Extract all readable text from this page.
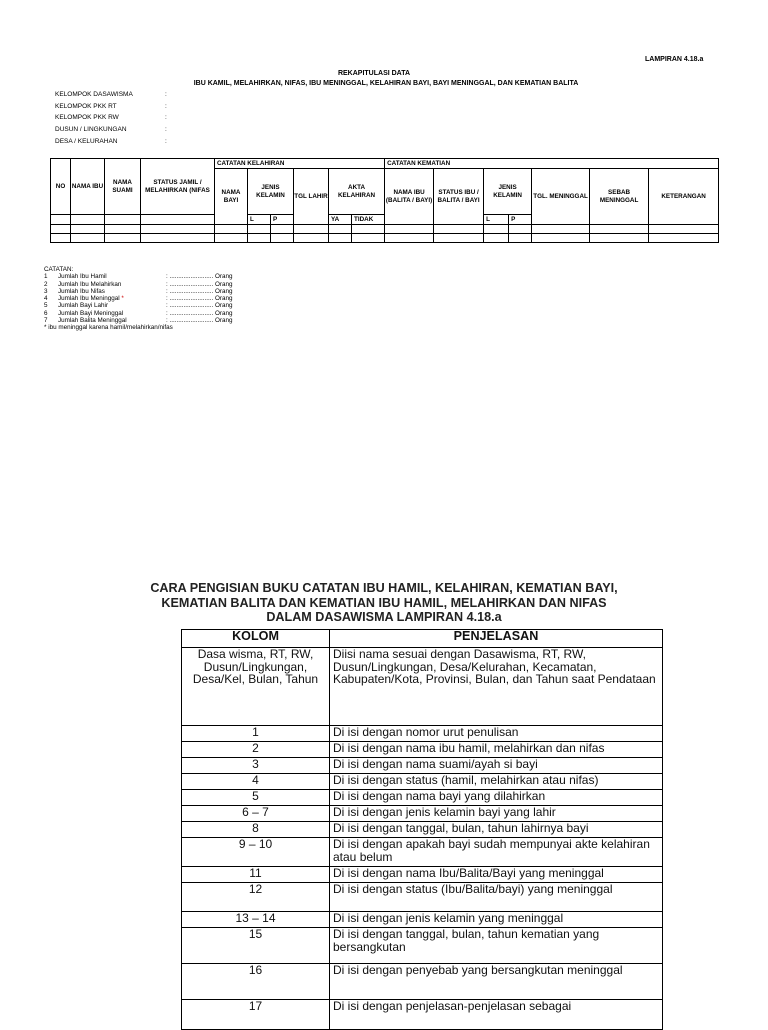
LAMPIRAN 4.18.a
REKAPITULASI DATA
IBU KAMIL, MELAHIRKAN, NIFAS, IBU MENINGGAL, KELAHIRAN BAYI, BAYI MENINGGAL, DAN KEMATIAN BALITA
KELOMPOK DASAWISMA	:
KELOMPOK PKK RT	:
KELOMPOK PKK RW	:
DUSUN / LINGKUNGAN	:
DESA / KELURAHAN	:
NO	NAMA IBU	NAMA SUAMI	STATUS JAMIL / MELAHIRKAN (NIFAS	CATATAN KELAHIRAN						CATATAN KEMATIAN						
				NAMA BAYI	JENIS KELAMIN		TGL LAHIR	AKTA KELAHIRAN		NAMA IBU (BALITA / BAYI)	STATUS IBU / BALITA / BAYI	JENIS KELAMIN		TGL. MENINGGAL	SEBAB MENINGGAL	KETERANGAN
					L	P		YA	TIDAK			L	P			

CATATAN:
1	Jumlah Ibu Hamil	: ......................... Orang
2	Jumlah Ibu Melahirkan	: ......................... Orang
3	Jumlah Ibu Nifas	: ......................... Orang
4	Jumlah Ibu Meninggal *	: ......................... Orang
5	Jumlah Bayi Lahir	: ......................... Orang
6	Jumlah Bayi Meninggal	: ......................... Orang
7	Jumlah Balita Meninggal	: ......................... Orang
* ibu meninggal karena hamil/melahirkan/nifas
CARA PENGISIAN BUKU CATATAN IBU HAMIL, KELAHIRAN, KEMATIAN BAYI,
KEMATIAN BALITA DAN KEMATIAN IBU HAMIL, MELAHIRKAN DAN NIFAS
DALAM DASAWISMA LAMPIRAN 4.18.a
KOLOM	PENJELASAN
Dasa wisma, RT, RW, Dusun/Lingkungan, Desa/Kel, Bulan, Tahun	Diisi nama sesuai dengan Dasawisma, RT, RW, Dusun/Lingkungan, Desa/Kelurahan, Kecamatan, Kabupaten/Kota, Provinsi, Bulan, dan Tahun saat Pendataan
1	Di isi dengan nomor urut penulisan
2	Di isi dengan nama ibu hamil, melahirkan dan nifas
3	Di isi dengan nama suami/ayah si bayi
4	Di isi dengan status (hamil, melahirkan atau nifas)
5	Di isi dengan nama bayi yang dilahirkan
6 – 7	Di isi dengan jenis kelamin bayi yang lahir
8	Di isi dengan tanggal, bulan, tahun lahirnya bayi
9 – 10	Di isi dengan apakah bayi sudah mempunyai akte kelahiran atau belum
11	Di isi dengan nama Ibu/Balita/Bayi yang meninggal
12	Di isi dengan status (Ibu/Balita/bayi) yang meninggal
13 – 14	Di isi dengan jenis kelamin yang meninggal
15	Di isi dengan tanggal, bulan, tahun kematian yang bersangkutan
16	Di isi dengan penyebab yang bersangkutan meninggal
17	Di isi dengan penjelasan-penjelasan sebagai
